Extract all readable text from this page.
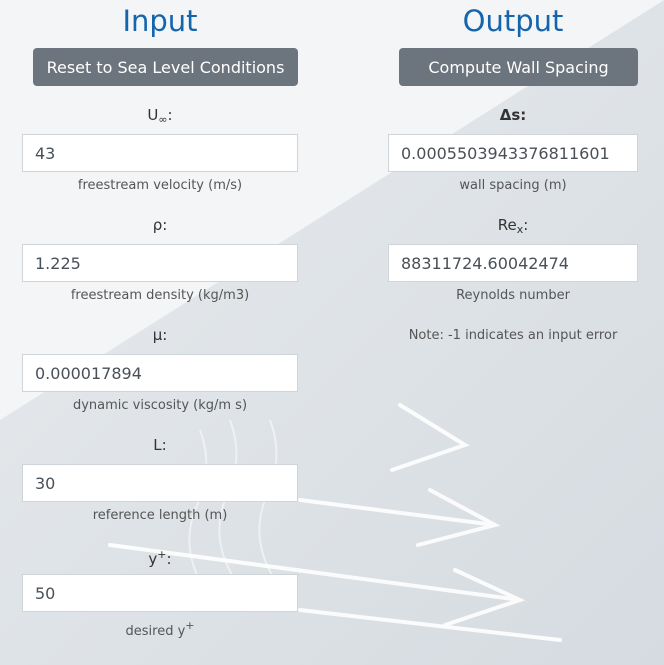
Input
Reset to Sea Level Conditions
$U_\infty$:
43
freestream velocity (m/s)
ρ:
1.225
freestream density (kg/m3)
μ:
0.000017894
dynamic viscosity (kg/m s)
L:
30
reference length (m)
y+:
50
desired y+
Output
Compute Wall Spacing
Δs:
0.0005503943376811601
wall spacing (m)
$Re_x$:
88311724.60042474
Reynolds number
Note: -1 indicates an input error
